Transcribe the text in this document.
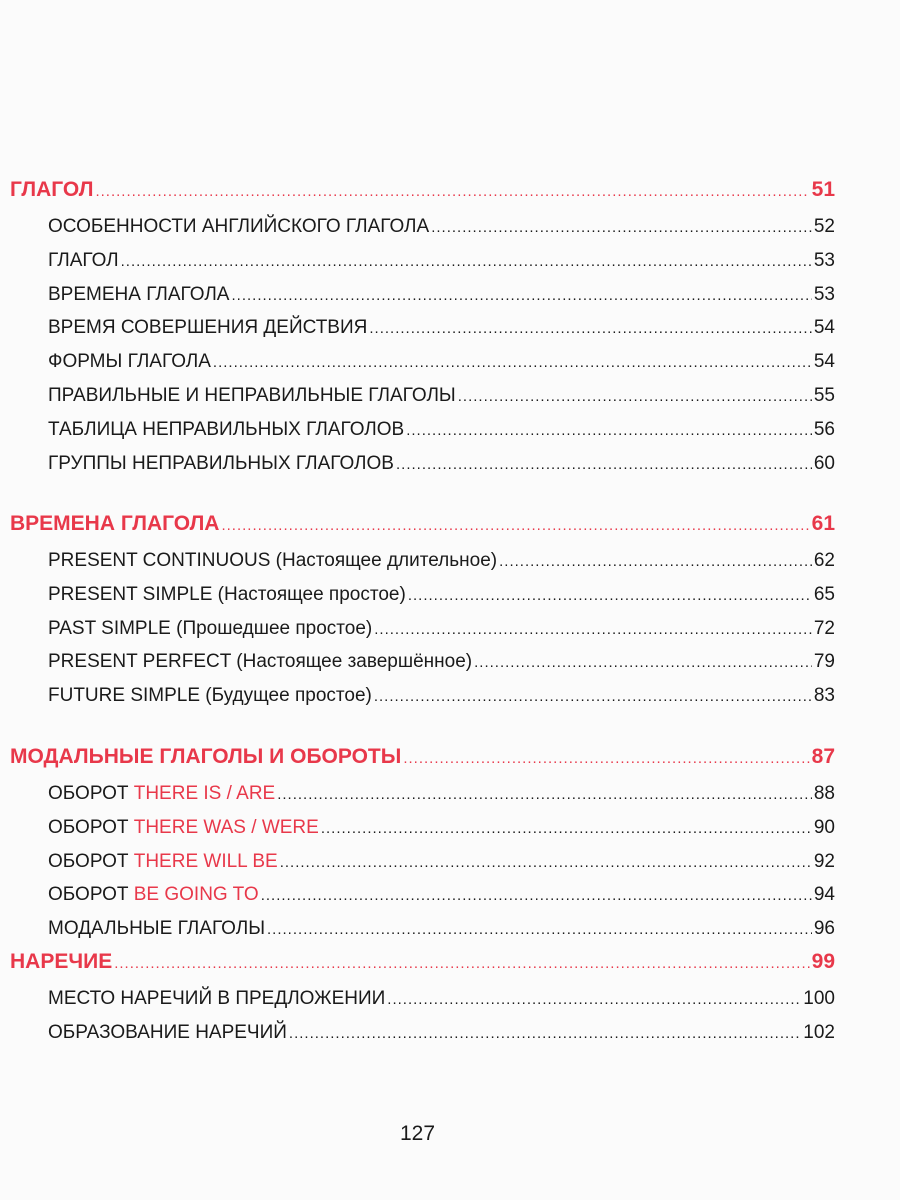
ГЛАГОЛ .....	51
ОСОБЕННОСТИ АНГЛИЙСКОГО ГЛАГОЛА .....	52
ГЛАГОЛ .....	53
ВРЕМЕНА ГЛАГОЛА .....	53
ВРЕМЯ СОВЕРШЕНИЯ ДЕЙСТВИЯ .....	54
ФОРМЫ ГЛАГОЛА .....	54
ПРАВИЛЬНЫЕ И НЕПРАВИЛЬНЫЕ ГЛАГОЛЫ .....	55
ТАБЛИЦА НЕПРАВИЛЬНЫХ ГЛАГОЛОВ .....	56
ГРУППЫ НЕПРАВИЛЬНЫХ ГЛАГОЛОВ .....	60
ВРЕМЕНА ГЛАГОЛА .....	61
PRESENT CONTINUOUS (Настоящее длительное) .....	62
PRESENT SIMPLE (Настоящее простое) .....	65
PAST SIMPLE (Прошедшее простое) .....	72
PRESENT PERFECT (Настоящее завершённое) .....	79
FUTURE SIMPLE (Будущее простое) .....	83
МОДАЛЬНЫЕ ГЛАГОЛЫ И ОБОРОТЫ .....	87
ОБОРОТ THERE IS / ARE .....	88
ОБОРОТ THERE WAS / WERE .....	90
ОБОРОТ THERE WILL BE .....	92
ОБОРОТ BE GOING TO .....	94
МОДАЛЬНЫЕ ГЛАГОЛЫ .....	96
НАРЕЧИЕ .....	99
МЕСТО НАРЕЧИЙ В ПРЕДЛОЖЕНИИ .....	100
ОБРАЗОВАНИЕ НАРЕЧИЙ .....	102
127
